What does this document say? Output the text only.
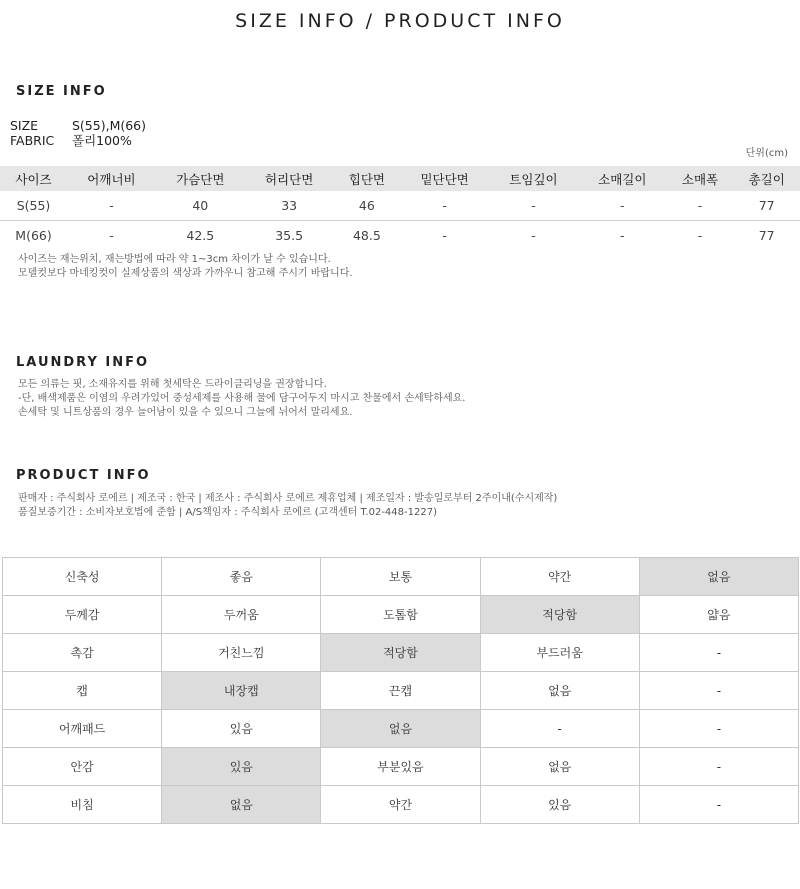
SIZE INFO / PRODUCT INFO
SIZE INFO
SIZE	S(55),M(66)
FABRIC	폴리100%
단위(cm)
사이즈	어깨너비	가슴단면	허리단면	힙단면	밑단단면	트임깊이	소매길이	소매폭	총길이
S(55)	-	40	33	46	-	-	-	-	77
M(66)	-	42.5	35.5	48.5	-	-	-	-	77
사이즈는 재는위치, 재는방법에 따라 약 1~3cm 차이가 날 수 있습니다.
모델컷보다 마네킹컷이 실제상품의 색상과 가까우니 참고해 주시기 바랍니다.
LAUNDRY INFO
모든 의류는 핏, 소재유지를 위해 첫세탁은 드라이클리닝을 권장합니다.
-단, 배색제품은 이염의 우려가있어 중성세제를 사용해 물에 담구어두지 마시고 찬물에서 손세탁하세요.
손세탁 및 니트상품의 경우 늘어남이 있을 수 있으니 그늘에 뉘어서 말리세요.
PRODUCT INFO
판매자 : 주식회사 로에르 | 제조국 : 한국 | 제조사 : 주식회사 로에르 제휴업체 | 제조일자 : 발송일로부터 2주이내(수시제작)
품질보증기간 : 소비자보호법에 준함 | A/S책임자 : 주식회사 로에르 (고객센터 T.02-448-1227)
신축성	좋음	보통	약간	없음
두께감	두꺼움	도톰함	적당함	얇음
촉감	거친느낌	적당함	부드러움	-
캡	내장캡	끈캡	없음	-
어깨패드	있음	없음	-	-
안감	있음	부분있음	없음	-
비침	없음	약간	있음	-
